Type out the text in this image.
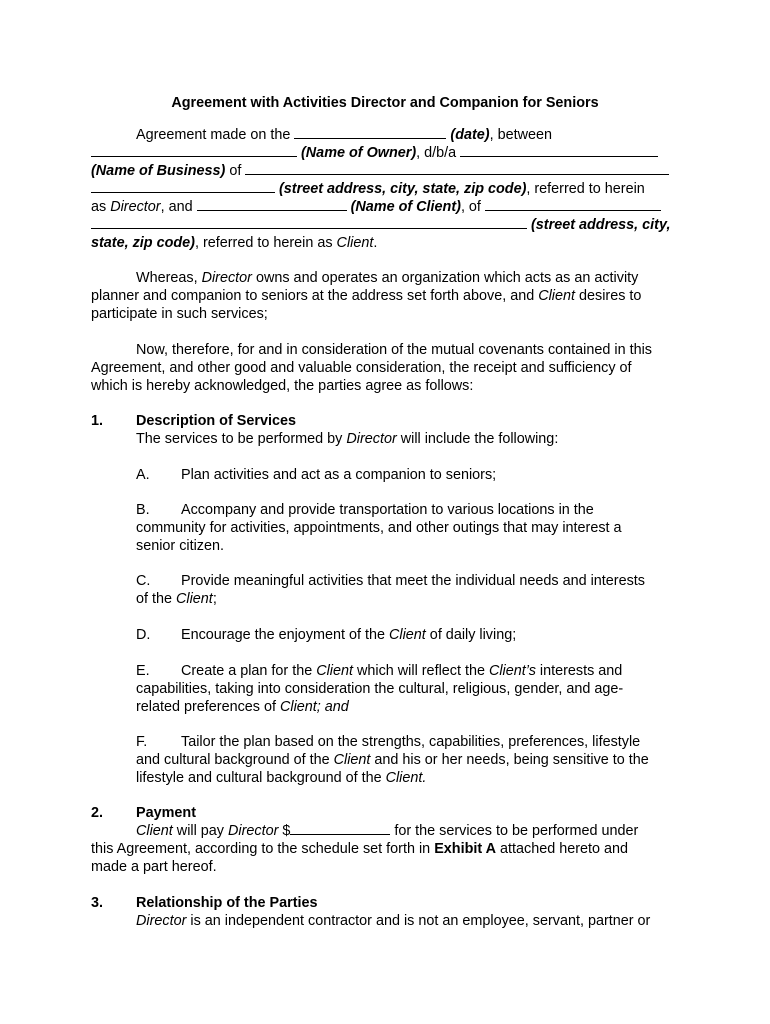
Agreement with Activities Director and Companion for Seniors
Agreement made on the	(date), between
(Name of Owner), d/b/a
(Name of Business) of
(street address, city, state, zip code), referred to herein
as Director, and	(Name of Client), of
(street address, city,
state, zip code), referred to herein as Client.
Whereas, Director owns and operates an organization which acts as an activity
planner and companion to seniors at the address set forth above, and Client desires to
participate in such services;
Now, therefore, for and in consideration of the mutual covenants contained in this
Agreement, and other good and valuable consideration, the receipt and sufficiency of
which is hereby acknowledged, the parties agree as follows:
1. Description of Services
The services to be performed by Director will include the following:
A. Plan activities and act as a companion to seniors;
B. Accompany and provide transportation to various locations in the
community for activities, appointments, and other outings that may interest a
senior citizen.
C. Provide meaningful activities that meet the individual needs and interests
of the Client;
D. Encourage the enjoyment of the Client of daily living;
E. Create a plan for the Client which will reflect the Client’s interests and
capabilities, taking into consideration the cultural, religious, gender, and age-
related preferences of Client; and
F. Tailor the plan based on the strengths, capabilities, preferences, lifestyle
and cultural background of the Client and his or her needs, being sensitive to the
lifestyle and cultural background of the Client.
2. Payment
Client will pay Director $	for the services to be performed under
this Agreement, according to the schedule set forth in Exhibit A attached hereto and
made a part hereof.
3. Relationship of the Parties
Director is an independent contractor and is not an employee, servant, partner or
